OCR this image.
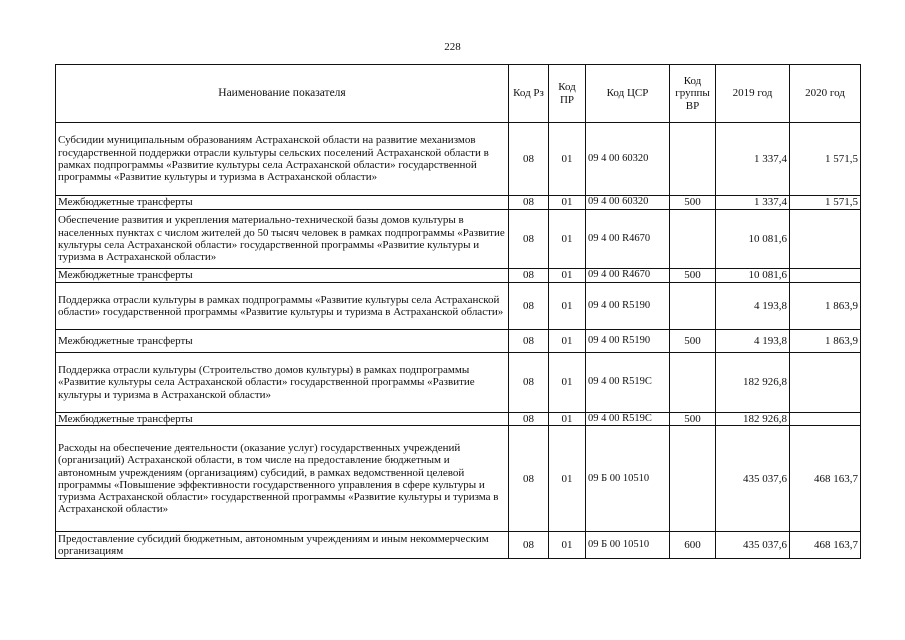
228
Наименование показателя	Код Рз	Код ПР	Код ЦСР	Код группы ВР	2019 год	2020 год
Субсидии муниципальным образованиям Астраханской области на развитие механизмов государственной поддержки отрасли культуры сельских поселений Астраханской области в рамках подпрограммы «Развитие культуры села Астраханской области» государственной программы «Развитие культуры и туризма в Астраханской области»	08	01	09 4 00 60320		1 337,4	1 571,5
Межбюджетные трансферты	08	01	09 4 00 60320	500	1 337,4	1 571,5
Обеспечение развития и укрепления материально-технической базы домов культуры в населенных пунктах с числом жителей до 50 тысяч человек в рамках подпрограммы «Развитие культуры села Астраханской области» государственной программы «Развитие культуры и туризма в Астраханской области»	08	01	09 4 00 R4670		10 081,6	
Межбюджетные трансферты	08	01	09 4 00 R4670	500	10 081,6	
Поддержка отрасли культуры в рамках подпрограммы «Развитие культуры села Астраханской области» государственной программы «Развитие культуры и туризма в Астраханской области»	08	01	09 4 00 R5190		4 193,8	1 863,9
Межбюджетные трансферты	08	01	09 4 00 R5190	500	4 193,8	1 863,9
Поддержка отрасли культуры (Строительство домов культуры) в рамках подпрограммы «Развитие культуры села Астраханской области» государственной программы «Развитие культуры и туризма в Астраханской области»	08	01	09 4 00 R519C		182 926,8	
Межбюджетные трансферты	08	01	09 4 00 R519C	500	182 926,8	
Расходы на обеспечение деятельности (оказание услуг) государственных учреждений (организаций) Астраханской области, в том числе на предоставление бюджетным и автономным учреждениям (организациям) субсидий, в рамках ведомственной целевой программы «Повышение эффективности государственного управления в сфере культуры и туризма Астраханской области» государственной программы «Развитие культуры и туризма в Астраханской области»	08	01	09 Б 00 10510		435 037,6	468 163,7
Предоставление субсидий бюджетным, автономным учреждениям и иным некоммерческим организациям	08	01	09 Б 00 10510	600	435 037,6	468 163,7
